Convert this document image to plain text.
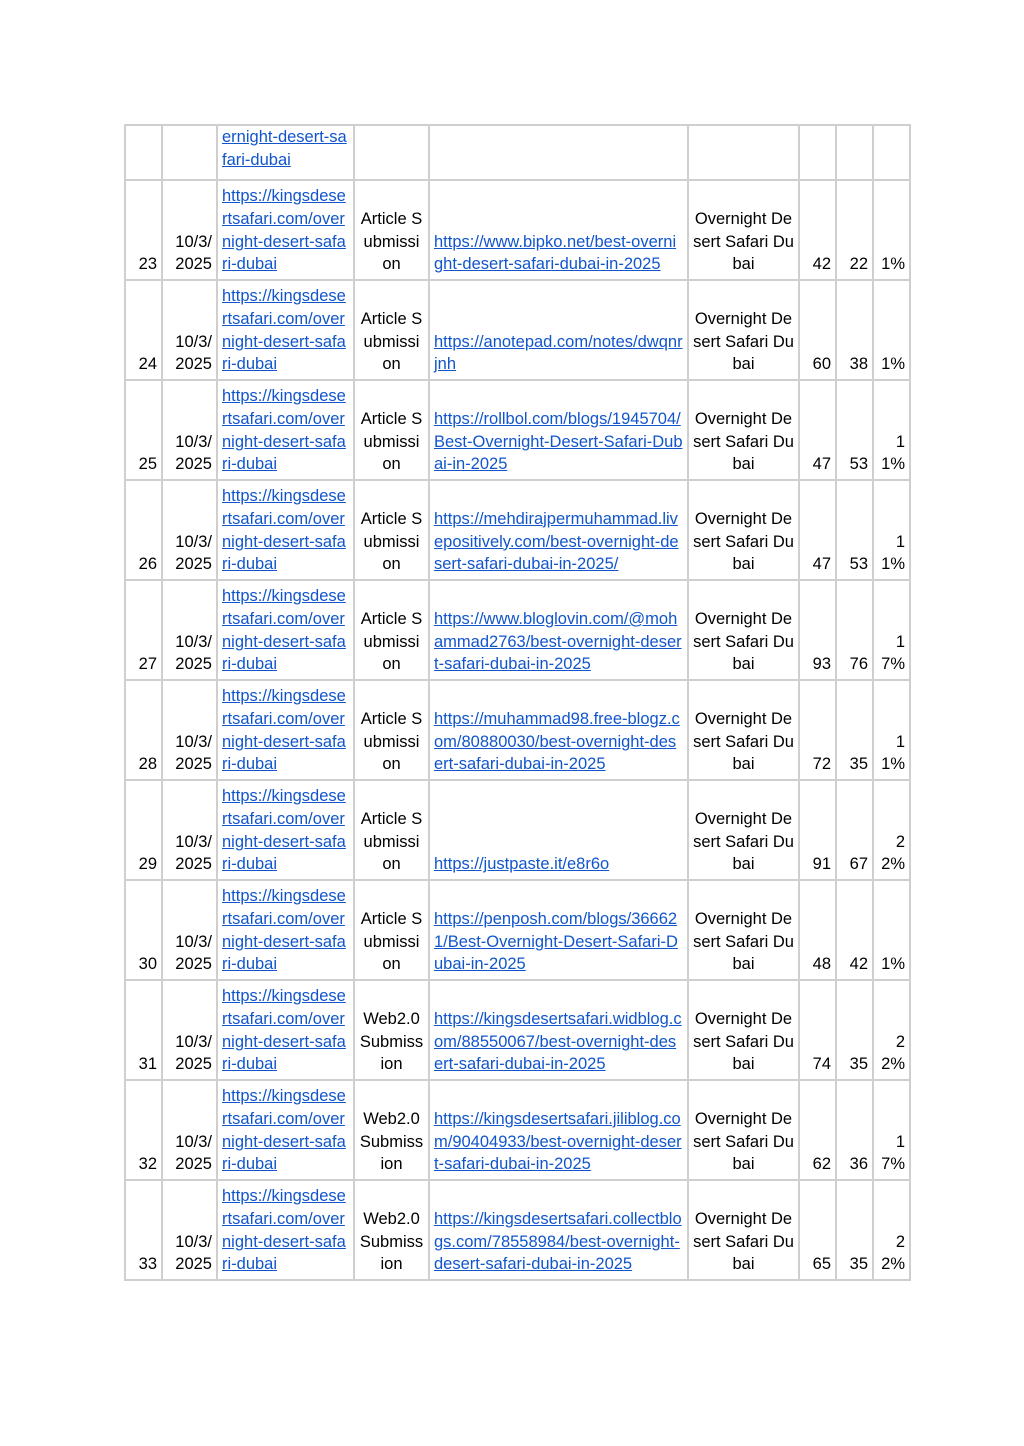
		ernight-desert-safari-dubai						
23	10/3/2025	https://kingsdesertsafari.com/overnight-desert-safari-dubai	Article Submission	https://www.bipko.net/best-overnight-desert-safari-dubai-in-2025	Overnight Desert Safari Dubai	42	22	1%
24	10/3/2025	https://kingsdesertsafari.com/overnight-desert-safari-dubai	Article Submission	https://anotepad.com/notes/dwqnrjnh	Overnight Desert Safari Dubai	60	38	1%
25	10/3/2025	https://kingsdesertsafari.com/overnight-desert-safari-dubai	Article Submission	https://rollbol.com/blogs/1945704/Best-Overnight-Desert-Safari-Dubai-in-2025	Overnight Desert Safari Dubai	47	53	11%
26	10/3/2025	https://kingsdesertsafari.com/overnight-desert-safari-dubai	Article Submission	https://mehdirajpermuhammad.livepositively.com/best-overnight-desert-safari-dubai-in-2025/	Overnight Desert Safari Dubai	47	53	11%
27	10/3/2025	https://kingsdesertsafari.com/overnight-desert-safari-dubai	Article Submission	https://www.bloglovin.com/@mohammad2763/best-overnight-desert-safari-dubai-in-2025	Overnight Desert Safari Dubai	93	76	17%
28	10/3/2025	https://kingsdesertsafari.com/overnight-desert-safari-dubai	Article Submission	https://muhammad98.free-blogz.com/80880030/best-overnight-desert-safari-dubai-in-2025	Overnight Desert Safari Dubai	72	35	11%
29	10/3/2025	https://kingsdesertsafari.com/overnight-desert-safari-dubai	Article Submission	https://justpaste.it/e8r6o	Overnight Desert Safari Dubai	91	67	22%
30	10/3/2025	https://kingsdesertsafari.com/overnight-desert-safari-dubai	Article Submission	https://penposh.com/blogs/366621/Best-Overnight-Desert-Safari-Dubai-in-2025	Overnight Desert Safari Dubai	48	42	1%
31	10/3/2025	https://kingsdesertsafari.com/overnight-desert-safari-dubai	Web2.0 Submission	https://kingsdesertsafari.widblog.com/88550067/best-overnight-desert-safari-dubai-in-2025	Overnight Desert Safari Dubai	74	35	22%
32	10/3/2025	https://kingsdesertsafari.com/overnight-desert-safari-dubai	Web2.0 Submission	https://kingsdesertsafari.jiliblog.com/90404933/best-overnight-desert-safari-dubai-in-2025	Overnight Desert Safari Dubai	62	36	17%
33	10/3/2025	https://kingsdesertsafari.com/overnight-desert-safari-dubai	Web2.0 Submission	https://kingsdesertsafari.collectblogs.com/78558984/best-overnight-desert-safari-dubai-in-2025	Overnight Desert Safari Dubai	65	35	22%
